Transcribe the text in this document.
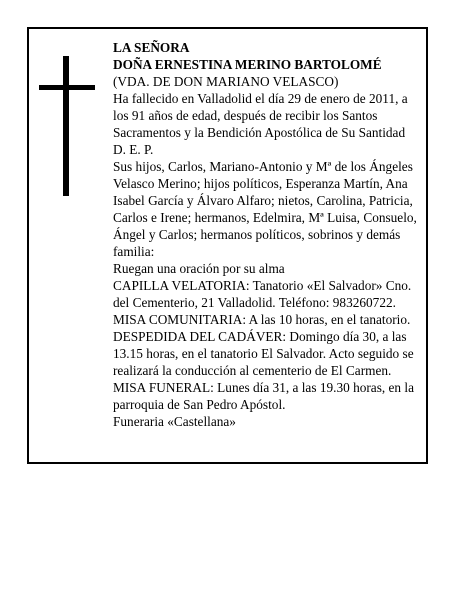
LA SEÑORA

DOÑA ERNESTINA MERINO BARTOLOMÉ

(VDA. DE DON MARIANO VELASCO)

Ha fallecido en Valladolid el día 29 de enero de 2011, a los 91 años de edad, después de recibir los Santos Sacramentos y la Bendición Apostólica de Su Santidad

D. E. P.

Sus hijos, Carlos, Mariano-Antonio y Mª de los Ángeles Velasco Merino; hijos políticos, Esperanza Martín, Ana Isabel García y Álvaro Alfaro; nietos, Carolina, Patricia, Carlos e Irene; hermanos, Edelmira, Mª Luisa, Consuelo, Ángel y Carlos; hermanos políticos, sobrinos y demás familia:

Ruegan una oración por su alma

CAPILLA VELATORIA: Tanatorio «El Salvador» Cno. del Cementerio, 21 Valladolid. Teléfono: 983260722.

MISA COMUNITARIA: A las 10 horas, en el tanatorio.

DESPEDIDA DEL CADÁVER: Domingo día 30, a las 13.15 horas, en el tanatorio El Salvador. Acto seguido se realizará la conducción al cementerio de El Carmen.

MISA FUNERAL: Lunes día 31, a las 19.30 horas, en la parroquia de San Pedro Apóstol.

Funeraria «Castellana»
